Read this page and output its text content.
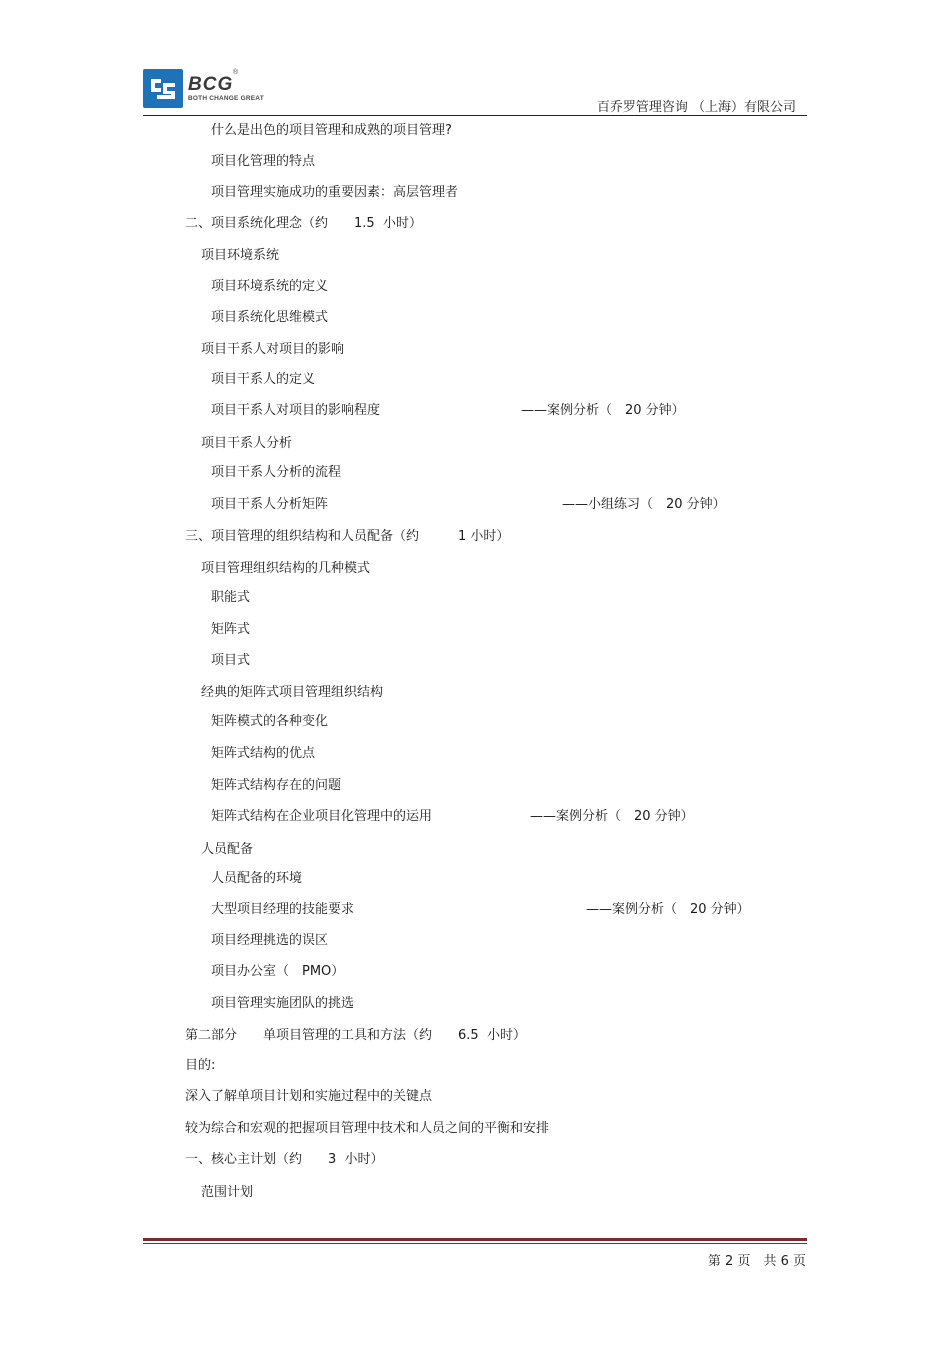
BCG
®
BOTH CHANGE GREAT
百乔罗管理咨询 （上海）有限公司
什么是出色的项目管理和成熟的项目管理?
项目化管理的特点
项目管理实施成功的重要因素：高层管理者
二、项目系统化理念（约　　1.5  小时）
项目环境系统
项目环境系统的定义
项目系统化思维模式
项目干系人对项目的影响
项目干系人的定义
项目干系人对项目的影响程度	——案例分析（　20 分钟）
项目干系人分析
项目干系人分析的流程
项目干系人分析矩阵	——小组练习（　20 分钟）
三、项目管理的组织结构和人员配备（约　　　1 小时）
项目管理组织结构的几种模式
职能式
矩阵式
项目式
经典的矩阵式项目管理组织结构
矩阵模式的各种变化
矩阵式结构的优点
矩阵式结构存在的问题
矩阵式结构在企业项目化管理中的运用	——案例分析（　20 分钟）
人员配备
人员配备的环境
大型项目经理的技能要求	——案例分析（　20 分钟）
项目经理挑选的误区
项目办公室（　PMO）
项目管理实施团队的挑选
第二部分　　单项目管理的工具和方法（约　　6.5  小时）
目的:
深入了解单项目计划和实施过程中的关键点
较为综合和宏观的把握项目管理中技术和人员之间的平衡和安排
一、核心主计划（约　　3  小时）
范围计划
第 2 页　共 6 页
